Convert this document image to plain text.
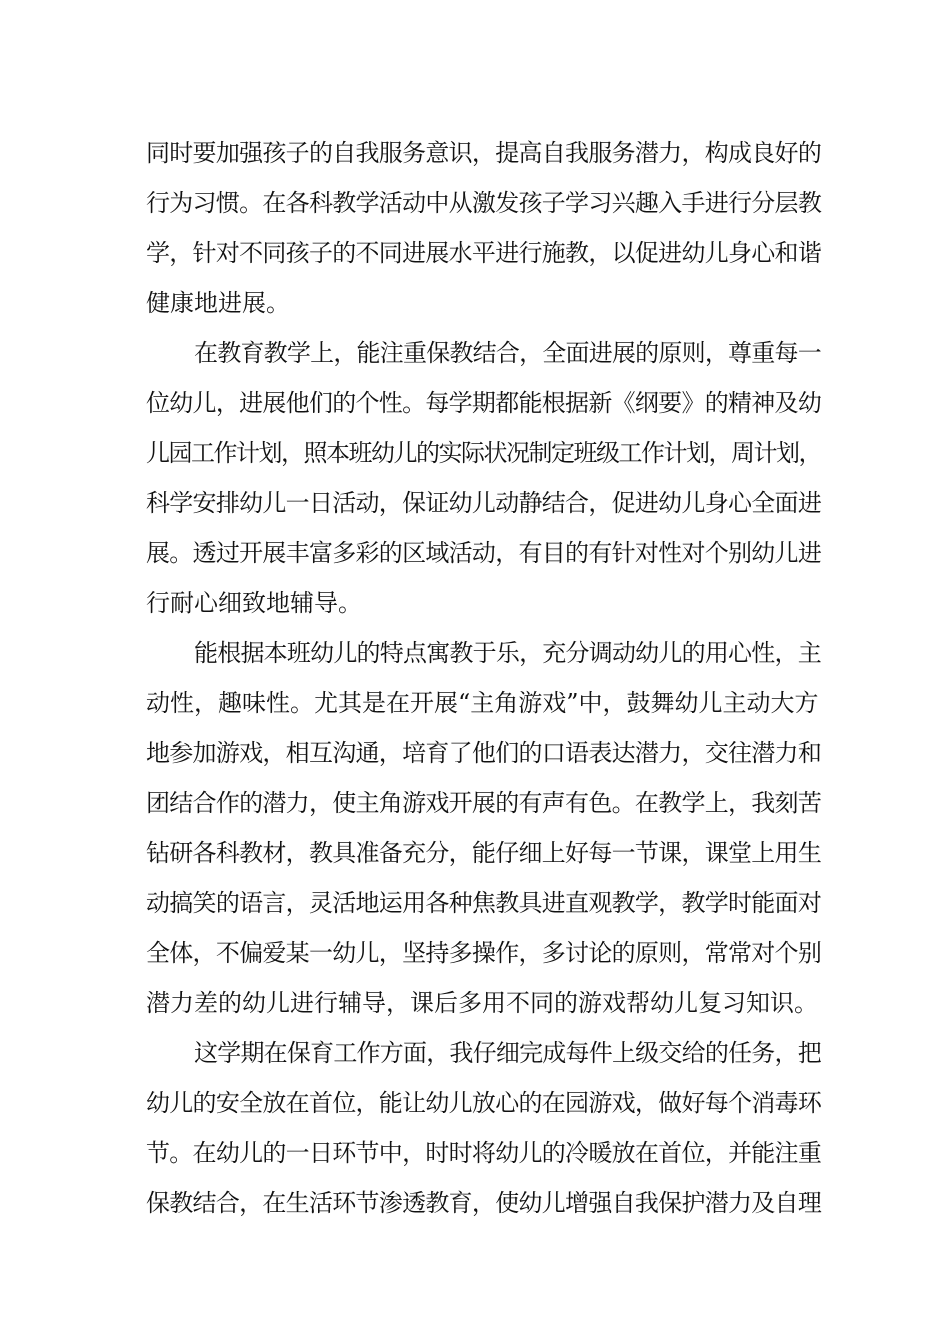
同时要加强孩子的自我服务意识，提高自我服务潜力，构成良好的
行为习惯。在各科教学活动中从激发孩子学习兴趣入手进行分层教
学，针对不同孩子的不同进展水平进行施教，以促进幼儿身心和谐
健康地进展。
在教育教学上，能注重保教结合，全面进展的原则，尊重每一
位幼儿，进展他们的个性。每学期都能根据新《纲要》的精神及幼
儿园工作计划，照本班幼儿的实际状况制定班级工作计划，周计划，
科学安排幼儿一日活动，保证幼儿动静结合，促进幼儿身心全面进
展。透过开展丰富多彩的区域活动，有目的有针对性对个别幼儿进
行耐心细致地辅导。
能根据本班幼儿的特点寓教于乐，充分调动幼儿的用心性，主
动性，趣味性。尤其是在开展“主角游戏”中，鼓舞幼儿主动大方
地参加游戏，相互沟通，培育了他们的口语表达潜力，交往潜力和
团结合作的潜力，使主角游戏开展的有声有色。在教学上，我刻苦
钻研各科教材，教具准备充分，能仔细上好每一节课，课堂上用生
动搞笑的语言，灵活地运用各种焦教具进直观教学，教学时能面对
全体，不偏爱某一幼儿，坚持多操作，多讨论的原则，常常对个别
潜力差的幼儿进行辅导，课后多用不同的游戏帮幼儿复习知识。
这学期在保育工作方面，我仔细完成每件上级交给的任务，把
幼儿的安全放在首位，能让幼儿放心的在园游戏，做好每个消毒环
节。在幼儿的一日环节中，时时将幼儿的冷暖放在首位，并能注重
保教结合，在生活环节渗透教育，使幼儿增强自我保护潜力及自理
